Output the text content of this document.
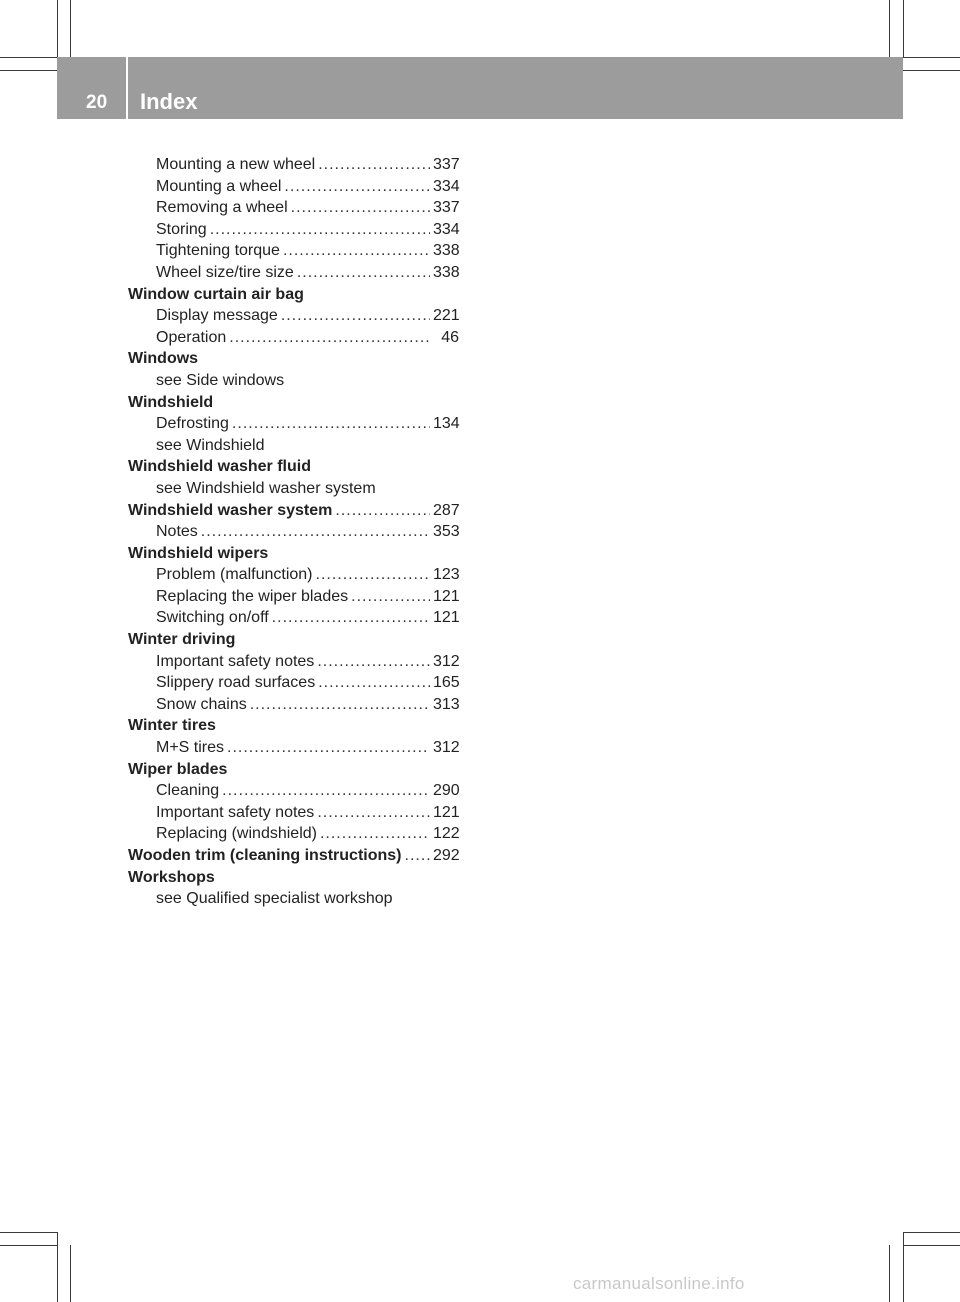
20	Index
Mounting a new wheel .....	337
Mounting a wheel .....	334
Removing a wheel .....	337
Storing .....	334
Tightening torque .....	338
Wheel size/tire size .....	338
Window curtain air bag
Display message .....	221
Operation .....	46
Windows
see Side windows
Windshield
Defrosting .....	134
see Windshield
Windshield washer fluid
see Windshield washer system
Windshield washer system .....	287
Notes .....	353
Windshield wipers
Problem (malfunction) .....	123
Replacing the wiper blades .....	121
Switching on/off .....	121
Winter driving
Important safety notes .....	312
Slippery road surfaces .....	165
Snow chains .....	313
Winter tires
M+S tires .....	312
Wiper blades
Cleaning .....	290
Important safety notes .....	121
Replacing (windshield) .....	122
Wooden trim (cleaning instructions) ..... 292
Workshops
see Qualified specialist workshop
carmanualsonline.info
